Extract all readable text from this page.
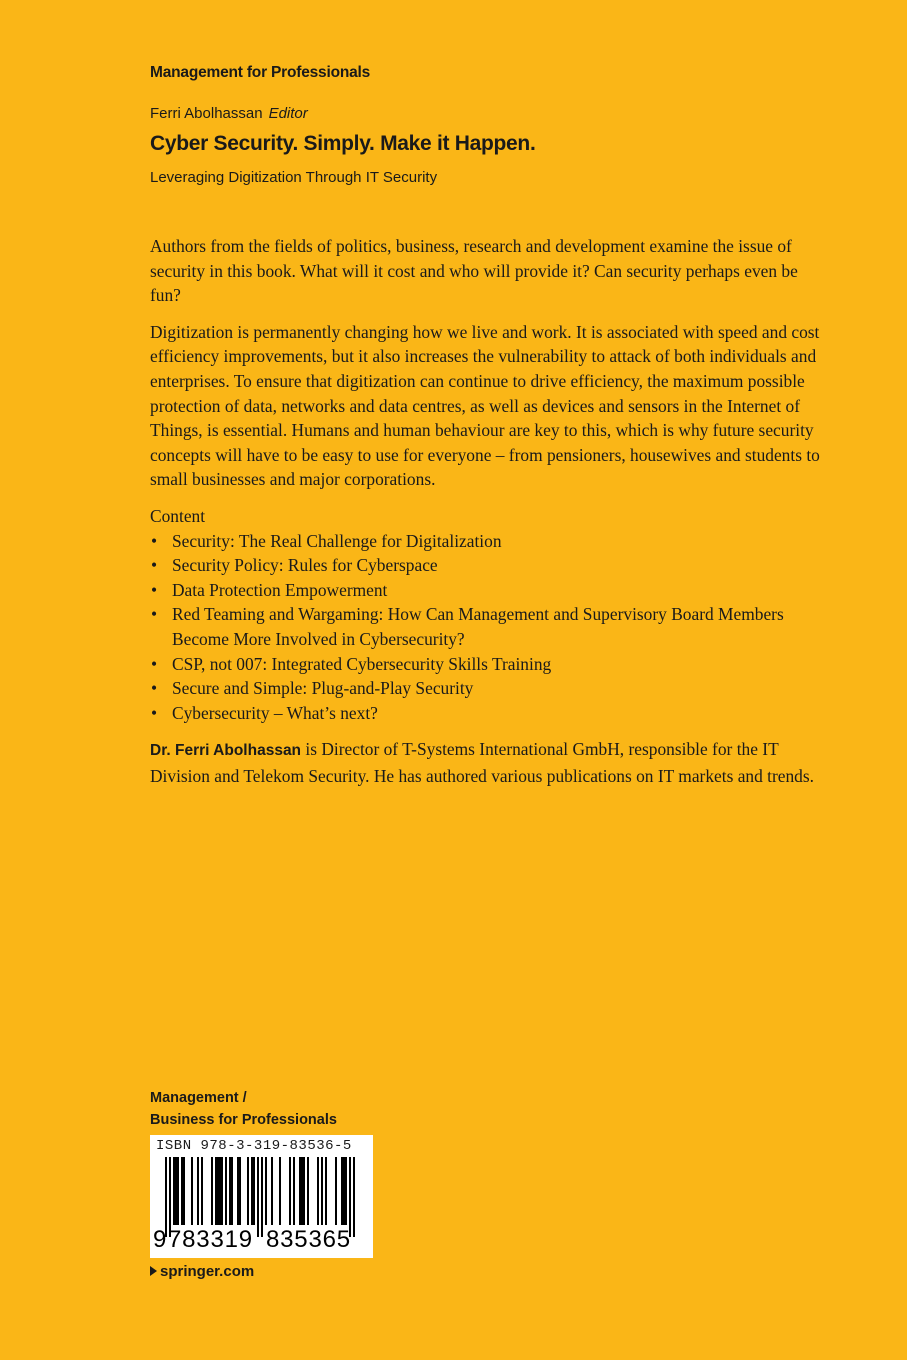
Management for Professionals
Ferri Abolhassan Editor
Cyber Security. Simply. Make it Happen.
Leveraging Digitization Through IT Security

Authors from the fields of politics, business, research and development examine the issue of security in this book. What will it cost and who will provide it? Can security perhaps even be fun?

Digitization is permanently changing how we live and work. It is associated with speed and cost efficiency improvements, but it also increases the vulnerability to attack of both individuals and enterprises. To ensure that digitization can continue to drive efficiency, the maximum possible protection of data, networks and data centres, as well as devices and sensors in the Internet of Things, is essential. Humans and human behaviour are key to this, which is why future security concepts will have to be easy to use for everyone – from pensioners, housewives and students to small businesses and major corporations.

Content
• Security: The Real Challenge for Digitalization
• Security Policy: Rules for Cyberspace
• Data Protection Empowerment
• Red Teaming and Wargaming: How Can Management and Supervisory Board Members Become More Involved in Cybersecurity?
• CSP, not 007: Integrated Cybersecurity Skills Training
• Secure and Simple: Plug-and-Play Security
• Cybersecurity – What’s next?

Dr. Ferri Abolhassan is Director of T-Systems International GmbH, responsible for the IT Division and Telekom Security. He has authored various publications on IT markets and trends.

Management /
Business for Professionals
ISBN 978-3-319-83536-5
9 783319 835365
springer.com
